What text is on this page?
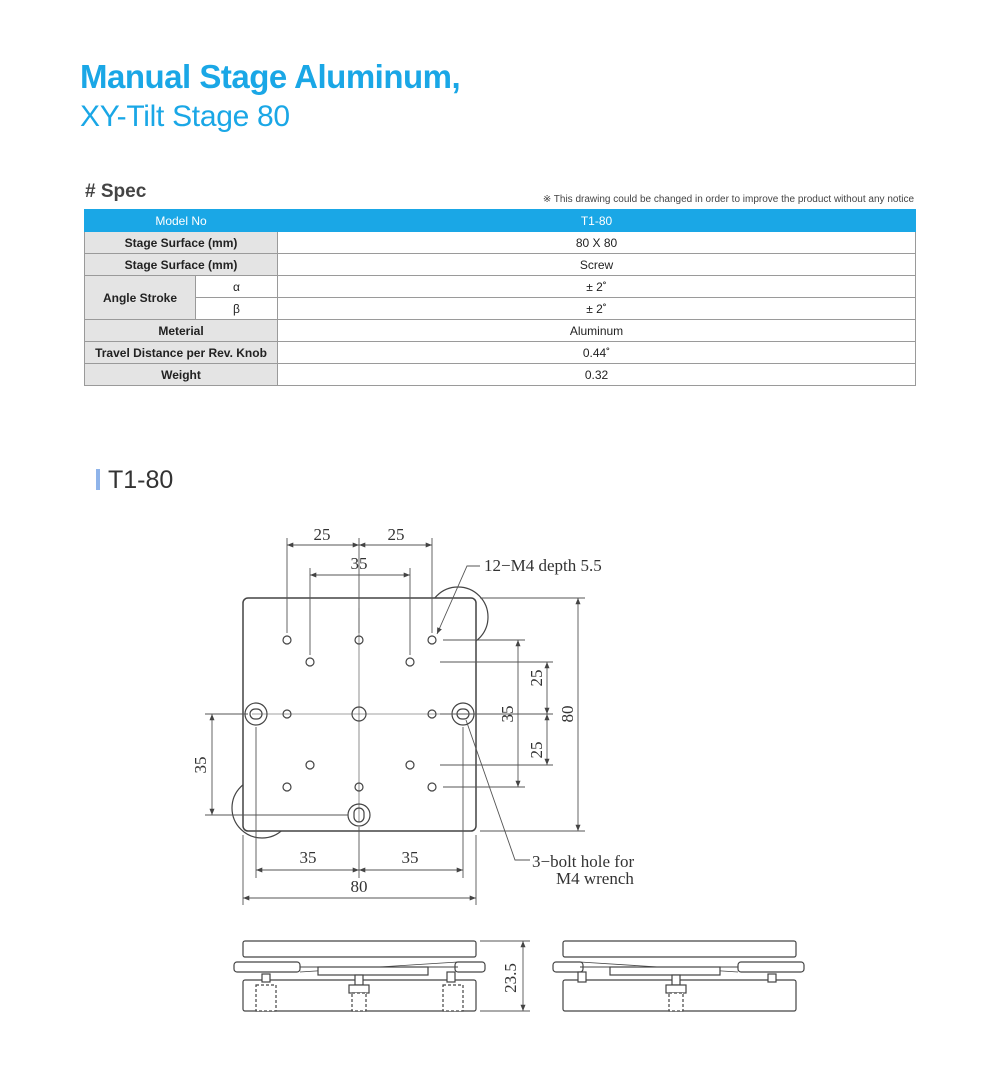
Manual Stage Aluminum,
XY-Tilt Stage 80
# Spec	※ This drawing could be changed in order to improve the product without any notice
Model No		T1-80
Stage Surface (mm)		80 X 80
Stage Surface (mm)		Screw
Angle Stroke	α	± 2˚
	β	± 2˚
Meterial		Aluminum
Travel Distance per Rev. Knob		0.44˚
Weight		0.32
T1-80
25	25
35	12−M4 depth 5.5
25
35
25
80
35
35	35
80
3−bolt hole for
M4 wrench
23.5
